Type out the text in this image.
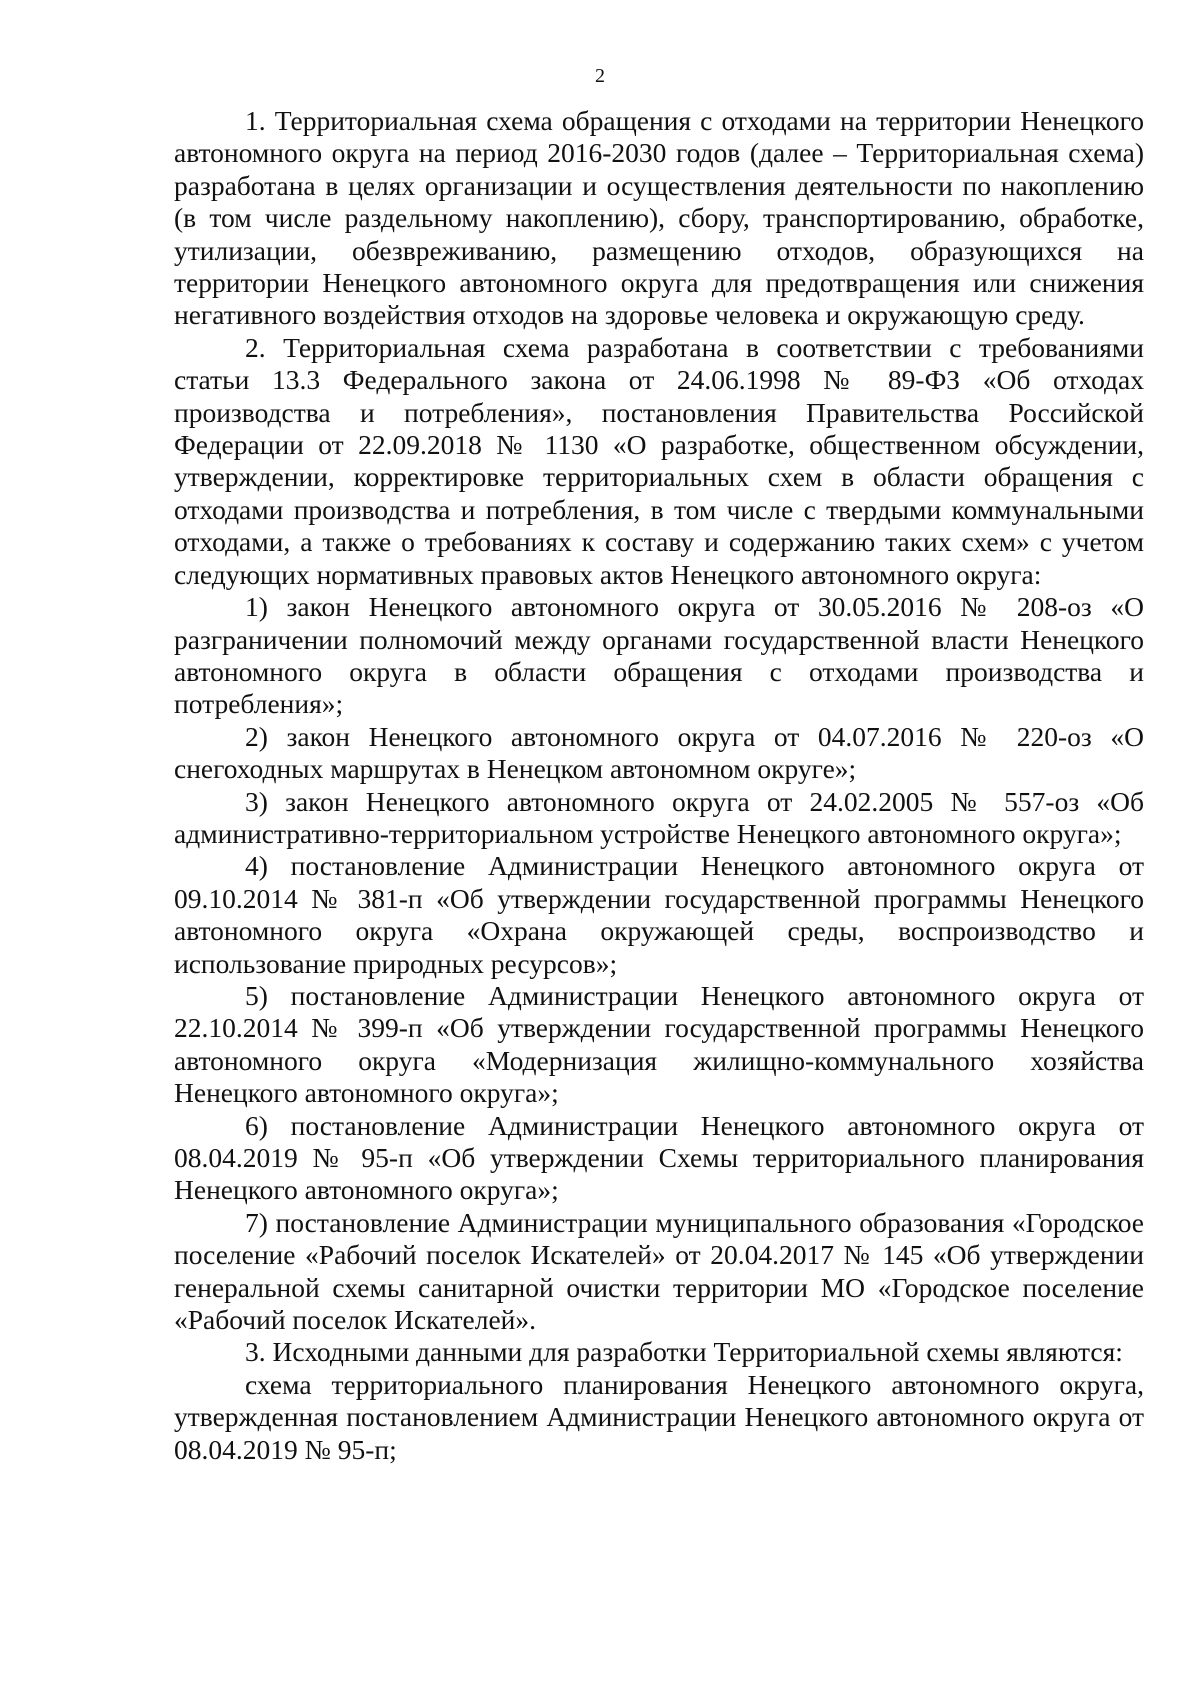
2

1. Территориальная схема обращения с отходами на территории Ненецкого автономного округа на период 2016-2030 годов (далее – Территориальная схема) разработана в целях организации и осуществления деятельности по накоплению (в том числе раздельному накоплению), сбору, транспортированию, обработке, утилизации, обезвреживанию, размещению отходов, образующихся на территории Ненецкого автономного округа для предотвращения или снижения негативного воздействия отходов на здоровье человека и окружающую среду.

2. Территориальная схема разработана в соответствии с требованиями статьи 13.3 Федерального закона от 24.06.1998 № 89-ФЗ «Об отходах производства и потребления», постановления Правительства Российской Федерации от 22.09.2018 № 1130 «О разработке, общественном обсуждении, утверждении, корректировке территориальных схем в области обращения с отходами производства и потребления, в том числе с твердыми коммунальными отходами, а также о требованиях к составу и содержанию таких схем» с учетом следующих нормативных правовых актов Ненецкого автономного округа:

1) закон Ненецкого автономного округа от 30.05.2016 № 208-оз «О разграничении полномочий между органами государственной власти Ненецкого автономного округа в области обращения с отходами производства и потребления»;

2) закон Ненецкого автономного округа от 04.07.2016 № 220-оз «О снегоходных маршрутах в Ненецком автономном округе»;

3) закон Ненецкого автономного округа от 24.02.2005 № 557-оз «Об административно-территориальном устройстве Ненецкого автономного округа»;

4) постановление Администрации Ненецкого автономного округа от 09.10.2014 № 381-п «Об утверждении государственной программы Ненецкого автономного округа «Охрана окружающей среды, воспроизводство и использование природных ресурсов»;

5) постановление Администрации Ненецкого автономного округа от 22.10.2014 № 399-п «Об утверждении государственной программы Ненецкого автономного округа «Модернизация жилищно-коммунального хозяйства Ненецкого автономного округа»;

6) постановление Администрации Ненецкого автономного округа от 08.04.2019 № 95-п «Об утверждении Схемы территориального планирования Ненецкого автономного округа»;

7) постановление Администрации муниципального образования «Городское поселение «Рабочий поселок Искателей» от 20.04.2017 № 145 «Об утверждении генеральной схемы санитарной очистки территории МО «Городское поселение «Рабочий поселок Искателей».

3. Исходными данными для разработки Территориальной схемы являются:

схема территориального планирования Ненецкого автономного округа, утвержденная постановлением Администрации Ненецкого автономного округа от 08.04.2019 № 95-п;
